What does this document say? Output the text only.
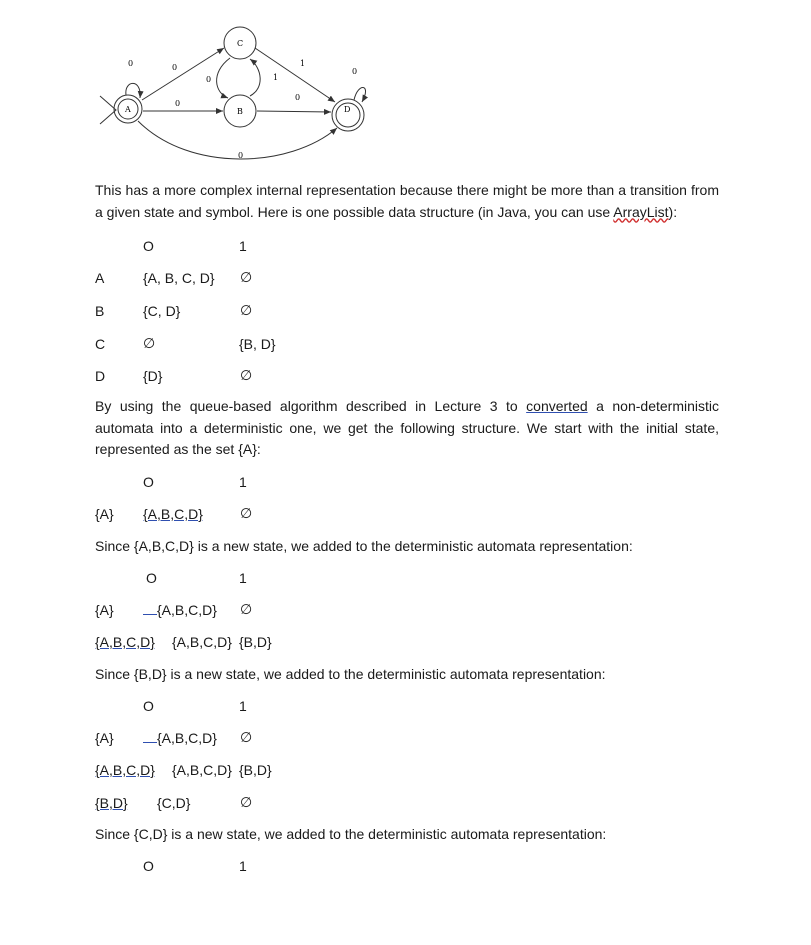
A
C
B	D
0	0
0	1
0
1
0
0
0
This has a more complex internal representation because there might be more than a transition from a given state and symbol. Here is one possible data structure (in Java, you can use ArrayList):
O	1
A	{A, B, C, D} ∅
B	{C, D}	∅
C	∅	{B, D}
D	{D}	∅
By using the queue-based algorithm described in Lecture 3 to converted a non-deterministic automata into a deterministic one, we get the following structure. We start with the initial state, represented as the set {A}:
O	1
{A} {A,B,C,D}	∅
Since {A,B,C,D} is a new state, we added to the deterministic automata representation:
O	1
{A}	{A,B,C,D} ∅
{A,B,C,D} {A,B,C,D} {B,D}
Since {B,D} is a new state, we added to the deterministic automata representation:
O	1
{A}	{A,B,C,D} ∅
{A,B,C,D} {A,B,C,D} {B,D}
{B,D} {C,D}	∅
Since {C,D} is a new state, we added to the deterministic automata representation:
O	1
